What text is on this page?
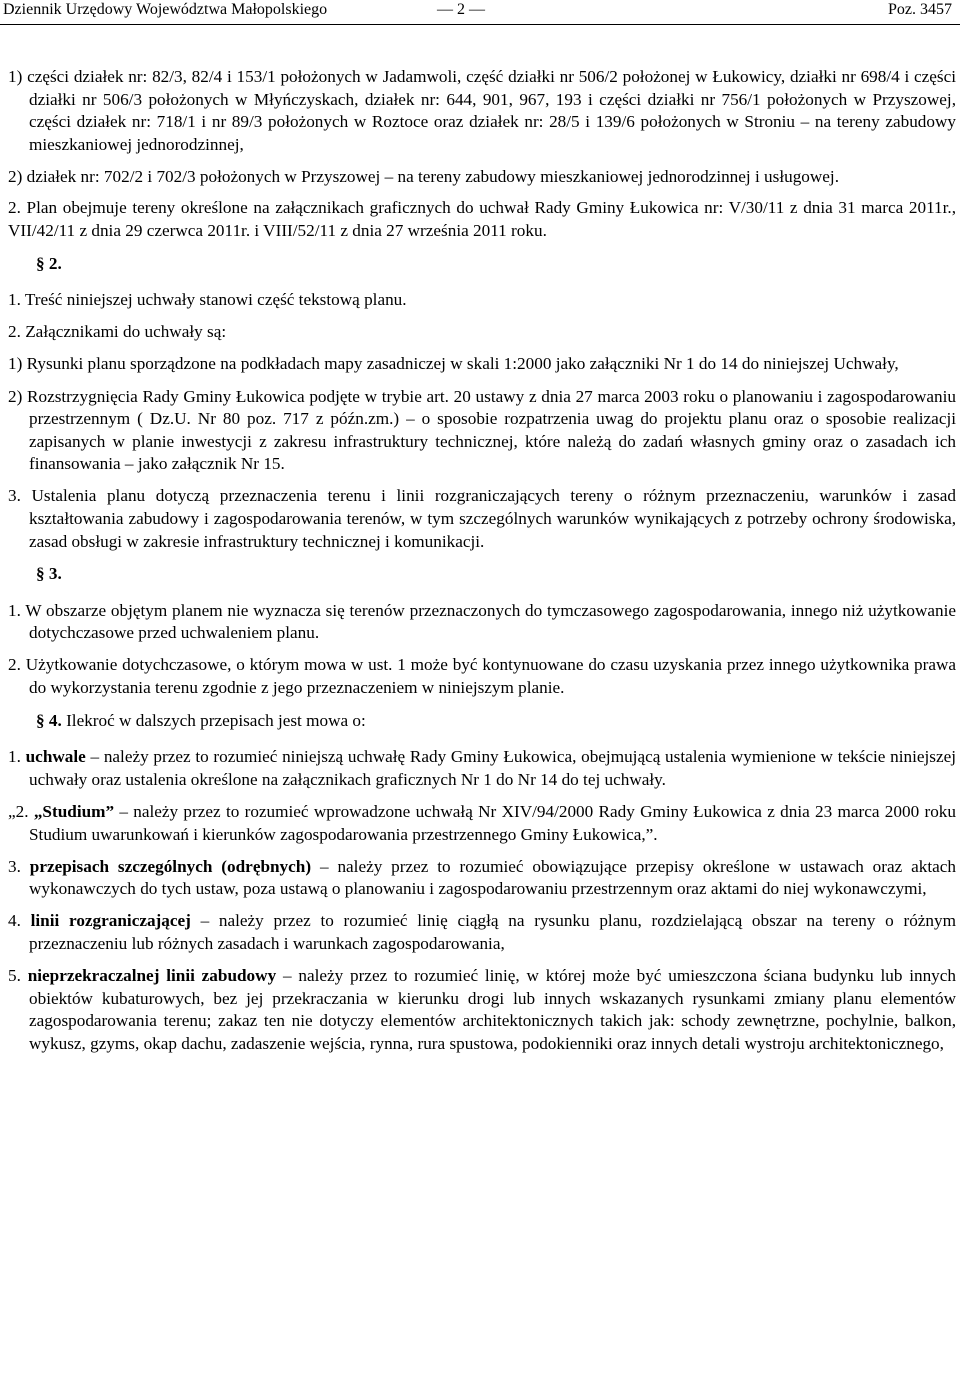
Dziennik Urzędowy Województwa Małopolskiego	— 2 —	Poz. 3457

1) części działek nr: 82/3, 82/4 i 153/1 położonych w Jadamwoli, część działki nr 506/2 położonej w Łukowicy, działki nr 698/4 i części działki nr 506/3 położonych w Młyńczyskach, działek nr: 644, 901, 967, 193 i części działki nr 756/1 położonych w Przyszowej, części działek nr: 718/1 i nr 89/3 położonych w Roztoce oraz działek nr: 28/5 i 139/6 położonych w Stroniu – na tereny zabudowy mieszkaniowej jednorodzinnej,

2) działek nr: 702/2 i 702/3 położonych w Przyszowej – na tereny zabudowy mieszkaniowej jednorodzinnej i usługowej.

2. Plan obejmuje tereny określone na załącznikach graficznych do uchwał Rady Gminy Łukowica nr: V/30/11 z dnia 31 marca 2011r., VII/42/11 z dnia 29 czerwca 2011r. i VIII/52/11 z dnia 27 września 2011 roku.

§ 2.

1. Treść niniejszej uchwały stanowi część tekstową planu.

2. Załącznikami do uchwały są:

1) Rysunki planu sporządzone na podkładach mapy zasadniczej w skali 1:2000 jako załączniki Nr 1 do 14 do niniejszej Uchwały,

2) Rozstrzygnięcia Rady Gminy Łukowica podjęte w trybie art. 20 ustawy z dnia 27 marca 2003 roku o planowaniu i zagospodarowaniu przestrzennym ( Dz.U. Nr 80 poz. 717 z późn.zm.) – o sposobie rozpatrzenia uwag do projektu planu oraz o sposobie realizacji zapisanych w planie inwestycji z zakresu infrastruktury technicznej, które należą do zadań własnych gminy oraz o zasadach ich finansowania – jako załącznik Nr 15.

3. Ustalenia planu dotyczą przeznaczenia terenu i linii rozgraniczających tereny o różnym przeznaczeniu, warunków i zasad kształtowania zabudowy i zagospodarowania terenów, w tym szczególnych warunków wynikających z potrzeby ochrony środowiska, zasad obsługi w zakresie infrastruktury technicznej i komunikacji.

§ 3.

1. W obszarze objętym planem nie wyznacza się terenów przeznaczonych do tymczasowego zagospodarowania, innego niż użytkowanie dotychczasowe przed uchwaleniem planu.

2. Użytkowanie dotychczasowe, o którym mowa w ust. 1 może być kontynuowane do czasu uzyskania przez innego użytkownika prawa do wykorzystania terenu zgodnie z jego przeznaczeniem w niniejszym planie.

§ 4. Ilekroć w dalszych przepisach jest mowa o:

1. uchwale – należy przez to rozumieć niniejszą uchwałę Rady Gminy Łukowica, obejmującą ustalenia wymienione w tekście niniejszej uchwały oraz ustalenia określone na załącznikach graficznych Nr 1 do Nr 14 do tej uchwały.

„2. „Studium” – należy przez to rozumieć wprowadzone uchwałą Nr XIV/94/2000 Rady Gminy Łukowica z dnia 23 marca 2000 roku Studium uwarunkowań i kierunków zagospodarowania przestrzennego Gminy Łukowica,”.

3. przepisach szczególnych (odrębnych) – należy przez to rozumieć obowiązujące przepisy określone w ustawach oraz aktach wykonawczych do tych ustaw, poza ustawą o planowaniu i zagospodarowaniu przestrzennym oraz aktami do niej wykonawczymi,

4. linii rozgraniczającej – należy przez to rozumieć linię ciągłą na rysunku planu, rozdzielającą obszar na tereny o różnym przeznaczeniu lub różnych zasadach i warunkach zagospodarowania,

5. nieprzekraczalnej linii zabudowy – należy przez to rozumieć linię, w której może być umieszczona ściana budynku lub innych obiektów kubaturowych, bez jej przekraczania w kierunku drogi lub innych wskazanych rysunkami zmiany planu elementów zagospodarowania terenu; zakaz ten nie dotyczy elementów architektonicznych takich jak: schody zewnętrzne, pochylnie, balkon, wykusz, gzyms, okap dachu, zadaszenie wejścia, rynna, rura spustowa, podokienniki oraz innych detali wystroju architektonicznego,
